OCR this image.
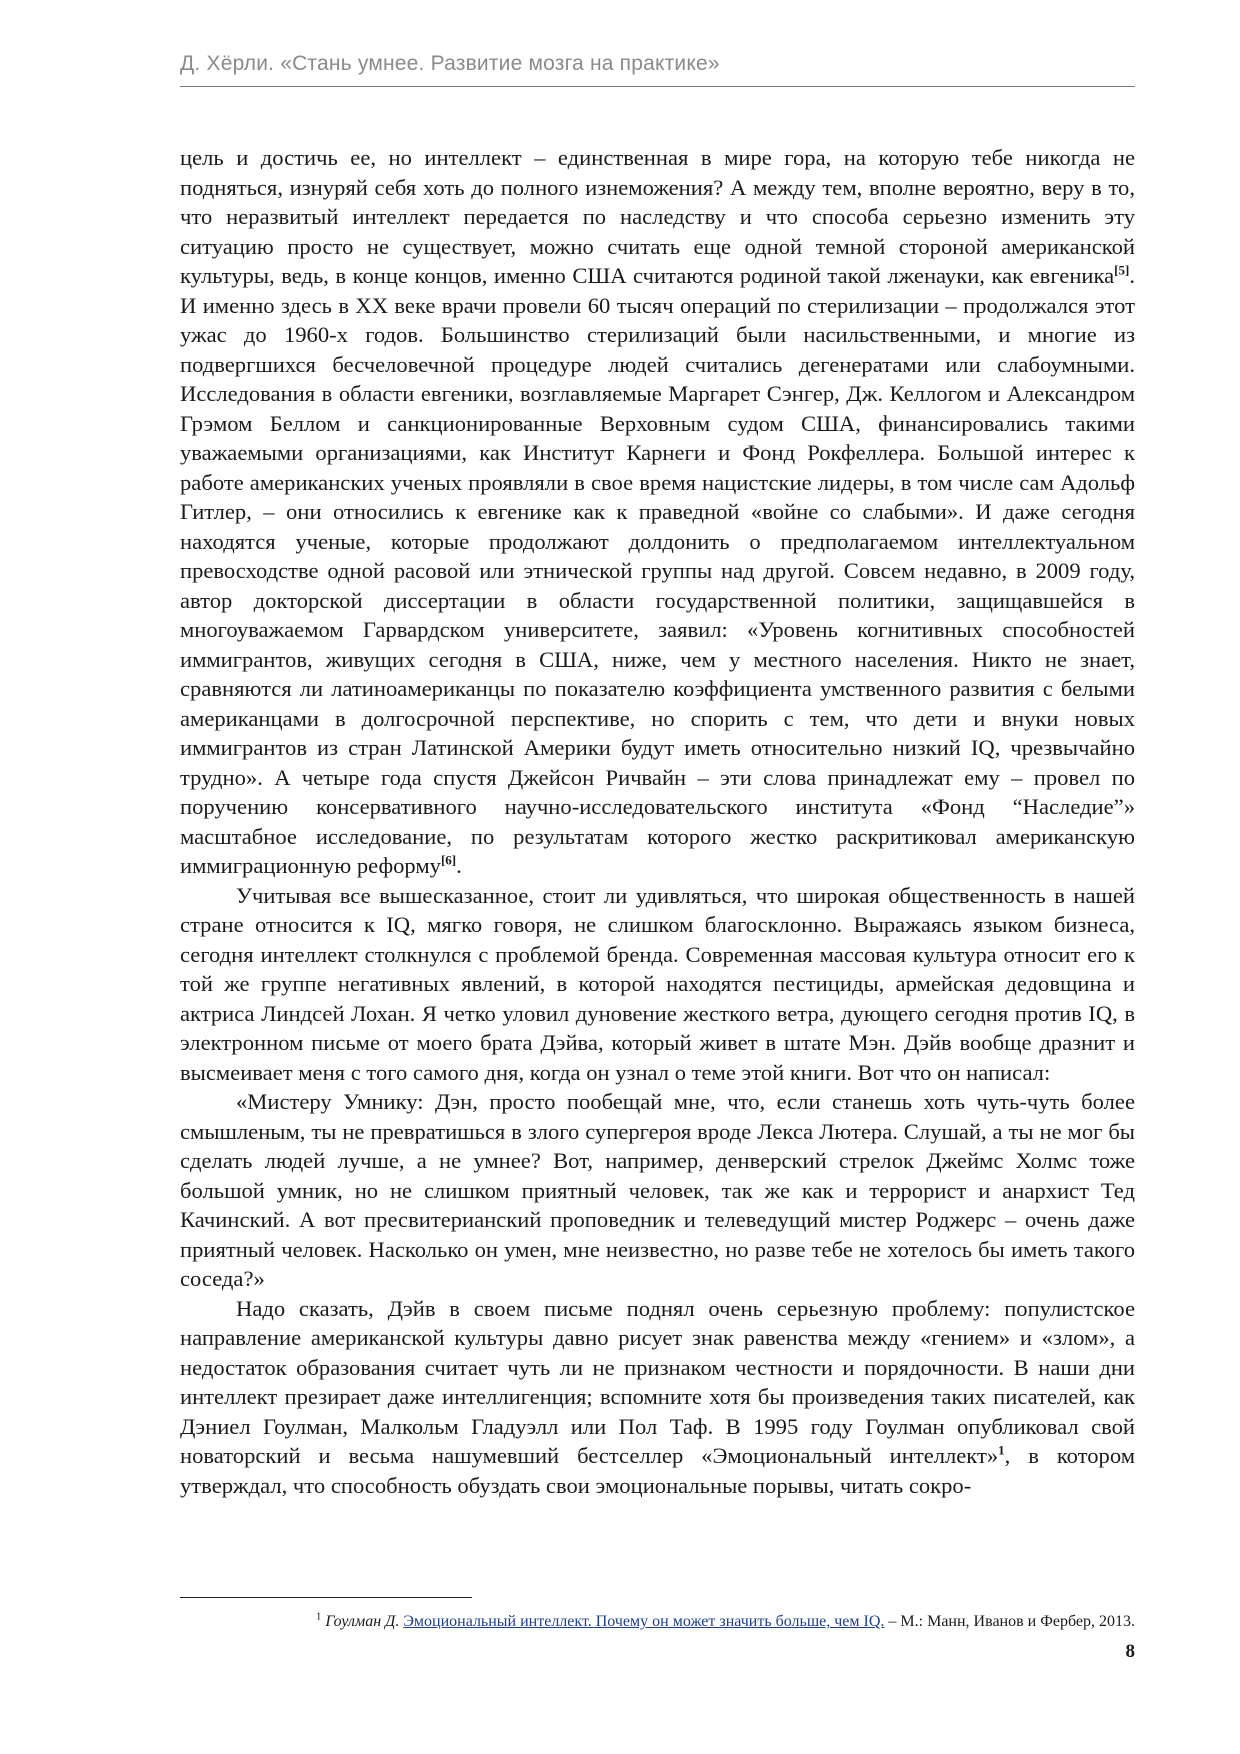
Д. Хёрли. «Стань умнее. Развитие мозга на практике»

цель и достичь ее, но интеллект – единственная в мире гора, на которую тебе никогда не подняться, изнуряй себя хоть до полного изнеможения? А между тем, вполне вероятно, веру в то, что неразвитый интеллект передается по наследству и что способа серьезно изменить эту ситуацию просто не существует, можно считать еще одной темной стороной американской культуры, ведь, в конце концов, именно США считаются родиной такой лженауки, как евгеника[5]. И именно здесь в XX веке врачи провели 60 тысяч операций по стерилизации – продолжался этот ужас до 1960-х годов. Большинство стерилизаций были насильственными, и многие из подвергшихся бесчеловечной процедуре людей считались дегенератами или слабоумными. Исследования в области евгеники, возглавляемые Маргарет Сэнгер, Дж. Келлогом и Александром Грэмом Беллом и санкционированные Верховным судом США, финансировались такими уважаемыми организациями, как Институт Карнеги и Фонд Рокфеллера. Большой интерес к работе американских ученых проявляли в свое время нацистские лидеры, в том числе сам Адольф Гитлер, – они относились к евгенике как к праведной «войне со слабыми». И даже сегодня находятся ученые, которые продолжают долдонить о предполагаемом интеллектуальном превосходстве одной расовой или этнической группы над другой. Совсем недавно, в 2009 году, автор докторской диссертации в области государственной политики, защищавшейся в многоуважаемом Гарвардском университете, заявил: «Уровень когнитивных способностей иммигрантов, живущих сегодня в США, ниже, чем у местного населения. Никто не знает, сравняются ли латиноамериканцы по показателю коэффициента умственного развития с белыми американцами в долгосрочной перспективе, но спорить с тем, что дети и внуки новых иммигрантов из стран Латинской Америки будут иметь относительно низкий IQ, чрезвычайно трудно». А четыре года спустя Джейсон Ричвайн – эти слова принадлежат ему – провел по поручению консервативного научно-исследовательского института «Фонд “Наследие”» масштабное исследование, по результатам которого жестко раскритиковал американскую иммиграционную реформу[6].

Учитывая все вышесказанное, стоит ли удивляться, что широкая общественность в нашей стране относится к IQ, мягко говоря, не слишком благосклонно. Выражаясь языком бизнеса, сегодня интеллект столкнулся с проблемой бренда. Современная массовая культура относит его к той же группе негативных явлений, в которой находятся пестициды, армейская дедовщина и актриса Линдсей Лохан. Я четко уловил дуновение жесткого ветра, дующего сегодня против IQ, в электронном письме от моего брата Дэйва, который живет в штате Мэн. Дэйв вообще дразнит и высмеивает меня с того самого дня, когда он узнал о теме этой книги. Вот что он написал:

«Мистеру Умнику: Дэн, просто пообещай мне, что, если станешь хоть чуть-чуть более смышленым, ты не превратишься в злого супергероя вроде Лекса Лютера. Слушай, а ты не мог бы сделать людей лучше, а не умнее? Вот, например, денверский стрелок Джеймс Холмс тоже большой умник, но не слишком приятный человек, так же как и террорист и анархист Тед Качинский. А вот пресвитерианский проповедник и телеведущий мистер Роджерс – очень даже приятный человек. Насколько он умен, мне неизвестно, но разве тебе не хотелось бы иметь такого соседа?»

Надо сказать, Дэйв в своем письме поднял очень серьезную проблему: популистское направление американской культуры давно рисует знак равенства между «гением» и «злом», а недостаток образования считает чуть ли не признаком честности и порядочности. В наши дни интеллект презирает даже интеллигенция; вспомните хотя бы произведения таких писателей, как Дэниел Гоулман, Малкольм Гладуэлл или Пол Таф. В 1995 году Гоулман опубликовал свой новаторский и весьма нашумевший бестселлер «Эмоциональный интеллект»$^1$, в котором утверждал, что способность обуздать свои эмоциональные порывы, читать сокро-

$^1$ Гоулман Д. Эмоциональный интеллект. Почему он может значить больше, чем IQ. – М.: Манн, Иванов и Фербер, 2013.
8
